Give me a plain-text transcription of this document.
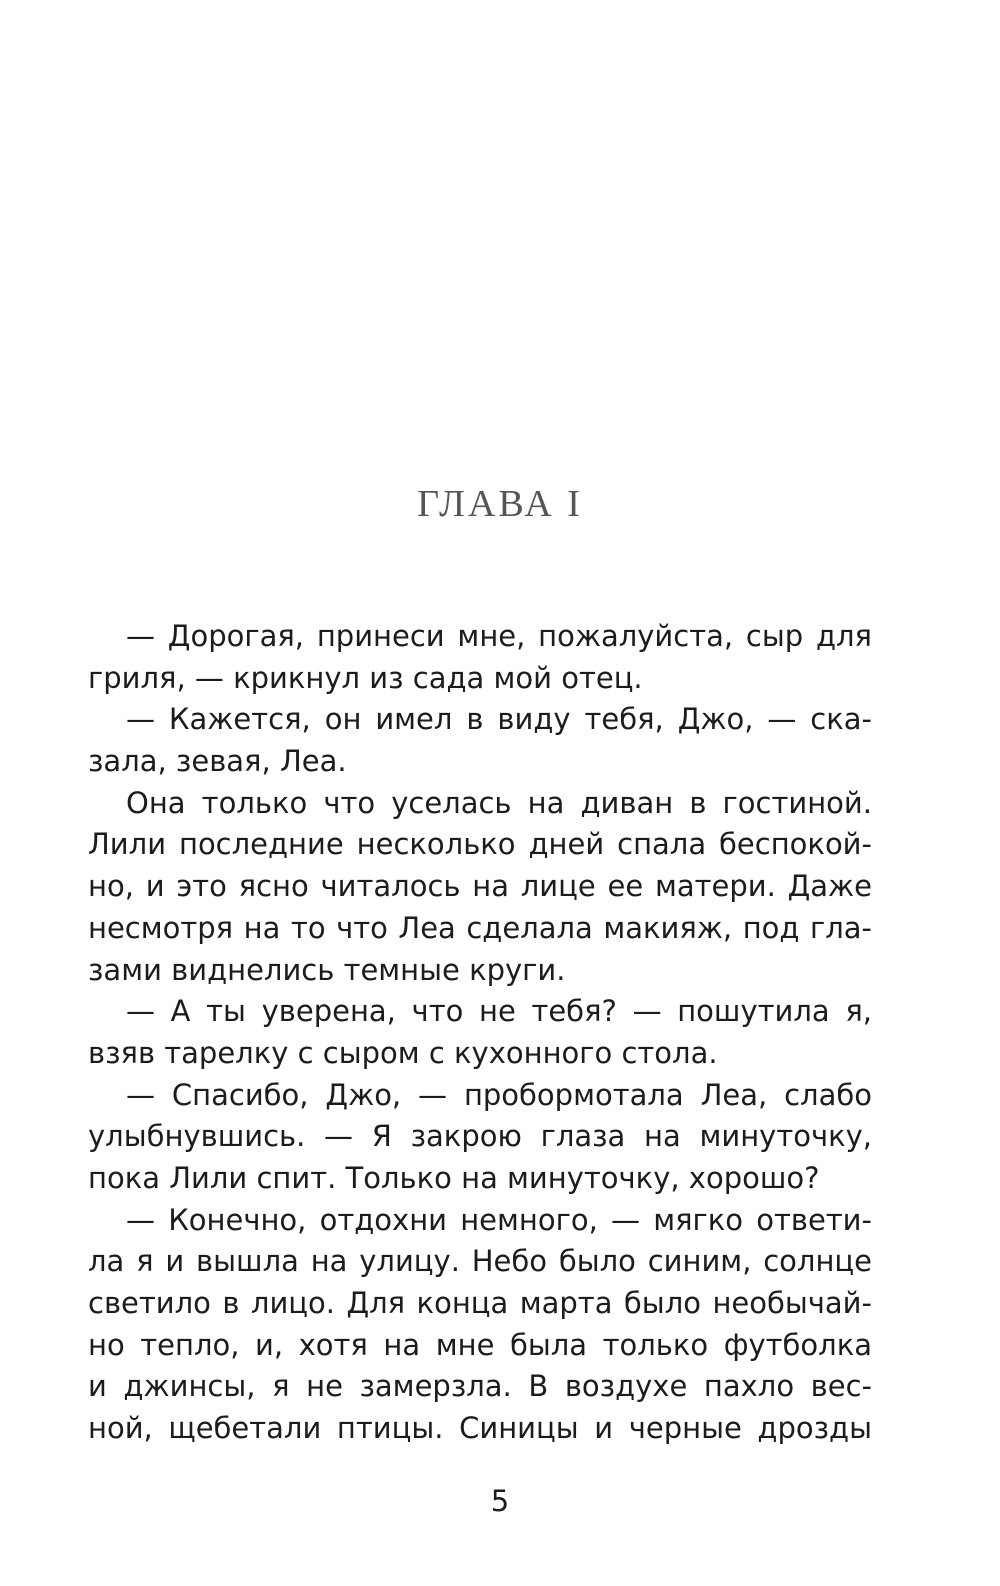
ГЛАВА I
— Дорогая, принеси мне, пожалуйста, сыр для
гриля, — крикнул из сада мой отец.
— Кажется, он имел в виду тебя, Джо, — ска-
зала, зевая, Леа.
Она только что уселась на диван в гостиной.
Лили последние несколько дней спала беспокой-
но, и это ясно читалось на лице ее матери. Даже
несмотря на то что Леа сделала макияж, под гла-
зами виднелись темные круги.
— А ты уверена, что не тебя? — пошутила я,
взяв тарелку с сыром с кухонного стола.
— Спасибо, Джо, — пробормотала Леа, слабо
улыбнувшись. — Я закрою глаза на минуточку,
пока Лили спит. Только на минуточку, хорошо?
— Конечно, отдохни немного, — мягко ответи-
ла я и вышла на улицу. Небо было синим, солнце
светило в лицо. Для конца марта было необычай-
но тепло, и, хотя на мне была только футболка
и джинсы, я не замерзла. В воздухе пахло вес-
ной, щебетали птицы. Синицы и черные дрозды
5
